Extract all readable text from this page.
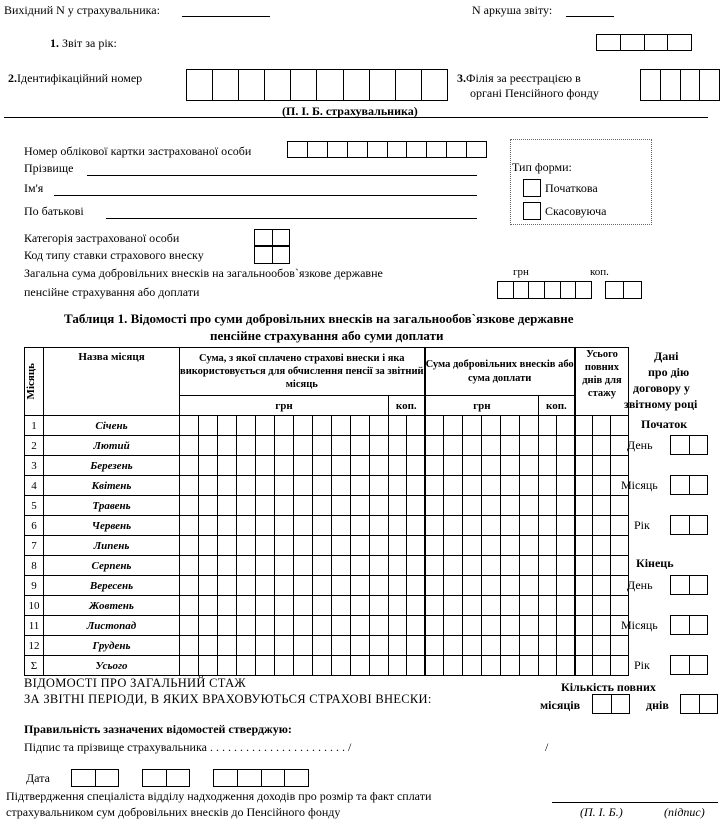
Вихідний N у страхувальника:	N аркуша звіту:
1. Звіт за рік:
2.Ідентифікаційний номер	3.Філія за реєстрацією в
органі Пенсійного фонду
(П. І. Б. страхувальника)
Номер облікової картки застрахованої особи
Прізвище
Ім'я
По батькові
Тип форми:
Початкова
Скасовуюча
Категорія застрахованої особи
Код типу ставки страхового внеску
Загальна сума добровільних внесків на загальнообов`язкове державне
пенсійне страхування або доплати
грн	коп.
Таблиця 1. Відомості про суми добровільних внесків на загальнообов`язкове державне
пенсійне страхування або суми доплати
Місяць	Назва місяця	Сума, з якої сплачено страхові внески і яка використовується для обчислення пенсії за звітний місяць													Сума добровільних внесків або сума доплати								Усього повних днів для стажу		
		грн											коп.		грн						коп.				
1	Січень																								
2	Лютий																								
3	Березень																								
4	Квітень																								
5	Травень																								
6	Червень																								
7	Липень																								
8	Серпень																								
9	Вересень																								
10	Жовтень																								
11	Листопад																								
12	Грудень																								
Σ	Усього																								
Дані
про дію
договору у
звітному році
Початок
День
Місяць
Рік
Кінець
День
Місяць
Рік
ВІДОМОСТІ ПРО ЗАГАЛЬНИЙ СТАЖ
ЗА ЗВІТНІ ПЕРІОДИ, В ЯКИХ ВРАХОВУЮТЬСЯ СТРАХОВІ ВНЕСКИ:
Кількість повних
місяців	днів
Правильність зазначених відомостей стверджую:
Підпис та прізвище страхувальника . . . . . . . . . . . . . . . . . . . . . . . /	/
Дата
Підтвердження спеціаліста відділу надходження доходів про розмір та факт сплати
страхувальником сум добровільних внесків до Пенсійного фонду	(П. І. Б.)	(підпис)
